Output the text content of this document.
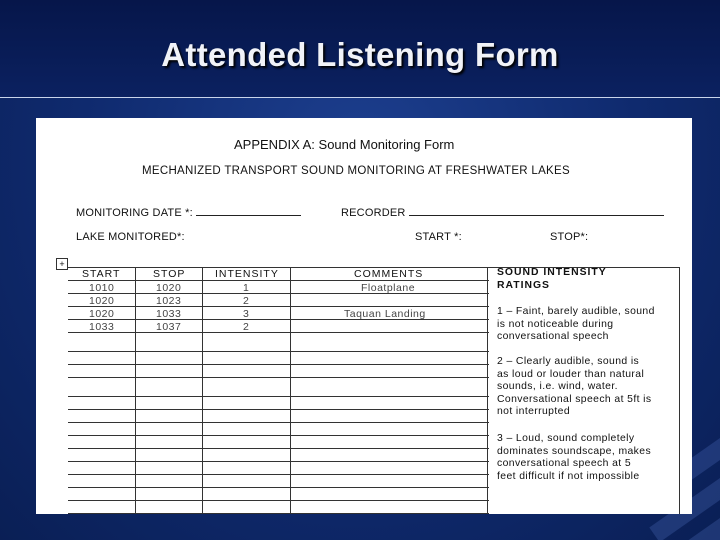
Attended Listening Form
APPENDIX A: Sound Monitoring Form
MECHANIZED TRANSPORT SOUND MONITORING AT FRESHWATER LAKES
MONITORING DATE *:	RECORDER
LAKE MONITORED*:	START *:	STOP*:
+
START	STOP	INTENSITY	COMMENTS
1010	1020	1	Floatplane
1020	1023	2
1020	1033	3	Taquan Landing
1033	1037	2
SOUND INTENSITY
RATINGS
1 – Faint, barely audible, sound
is not noticeable during
conversational speech
2 – Clearly audible, sound is
as loud or louder than natural
sounds, i.e. wind, water.
Conversational speech at 5ft is
not interrupted
3 – Loud, sound completely
dominates soundscape, makes
conversational speech at 5
feet difficult if not impossible
